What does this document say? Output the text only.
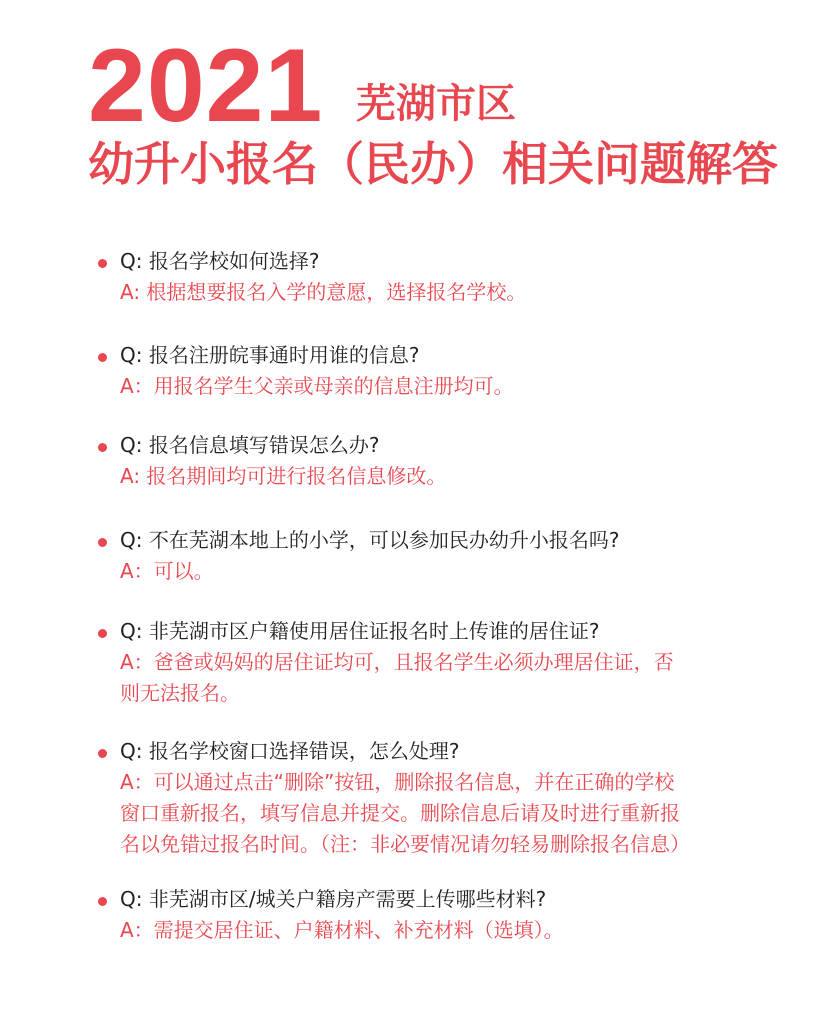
2021 芜湖市区
幼升小报名（民办）相关问题解答
Q: 报名学校如何选择?
A: 根据想要报名入学的意愿，选择报名学校。
Q: 报名注册皖事通时用谁的信息?
A：用报名学生父亲或母亲的信息注册均可。
Q: 报名信息填写错误怎么办?
A: 报名期间均可进行报名信息修改。
Q: 不在芜湖本地上的小学，可以参加民办幼升小报名吗?
A：可以。
Q: 非芜湖市区户籍使用居住证报名时上传谁的居住证?
A：爸爸或妈妈的居住证均可，且报名学生必须办理居住证，否
则无法报名。
Q: 报名学校窗口选择错误，怎么处理?
A：可以通过点击“删除”按钮，删除报名信息，并在正确的学校
窗口重新报名，填写信息并提交。删除信息后请及时进行重新报
名以免错过报名时间。（注：非必要情况请勿轻易删除报名信息）
Q: 非芜湖市区/城关户籍房产需要上传哪些材料?
A：需提交居住证、户籍材料、补充材料（选填）。
